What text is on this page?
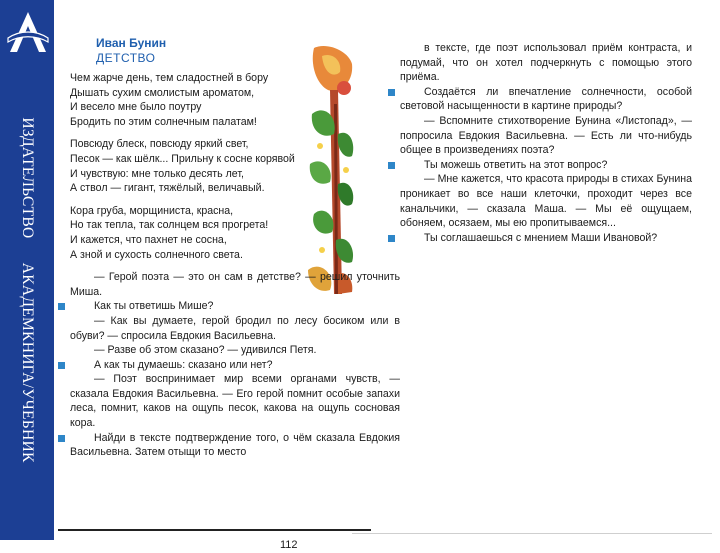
ИЗДАТЕЛЬСТВО АКАДЕМКНИГА/УЧЕБНИК
Иван Бунин
ДЕТСТВО
Чем жарче день, тем сладостней в бору
Дышать сухим смолистым ароматом,
И весело мне было поутру
Бродить по этим солнечным палатам!
Повсюду блеск, повсюду яркий свет,
Песок — как шёлк... Прильну к сосне корявой
И чувствую: мне только десять лет,
А ствол — гигант, тяжёлый, величавый.
Кора груба, морщиниста, красна,
Но так тепла, так солнцем вся прогрета!
И кажется, что пахнет не сосна,
А зной и сухость солнечного света.

— Герой поэта — это он сам в детстве? — решил уточнить Миша.

Как ты ответишь Мише?

— Как вы думаете, герой бродил по лесу босиком или в обуви? — спросила Евдокия Васильевна.

— Разве об этом сказано? — удивился Петя.

А как ты думаешь: сказано или нет?

— Поэт воспринимает мир всеми органами чувств, — сказала Евдокия Васильевна. — Его герой помнит особые запахи леса, помнит, каков на ощупь песок, какова на ощупь сосновая кора.

Найди в тексте подтверждение того, о чём сказала Евдокия Васильевна. Затем отыщи то место

112

в тексте, где поэт использовал приём контраста, и подумай, что он хотел подчеркнуть с помощью этого приёма.

Создаётся ли впечатление солнечности, особой световой насыщенности в картине природы?

— Вспомните стихотворение Бунина «Листопад», — попросила Евдокия Васильевна. — Есть ли что-нибудь общее в произведениях поэта?

Ты можешь ответить на этот вопрос?

— Мне кажется, что красота природы в стихах Бунина проникает во все наши клеточки, проходит через все канальчики, — сказала Маша. — Мы её ощущаем, обоняем, осязаем, мы ею пропитываемся...

Ты соглашаешься с мнением Маши Ивановой?
